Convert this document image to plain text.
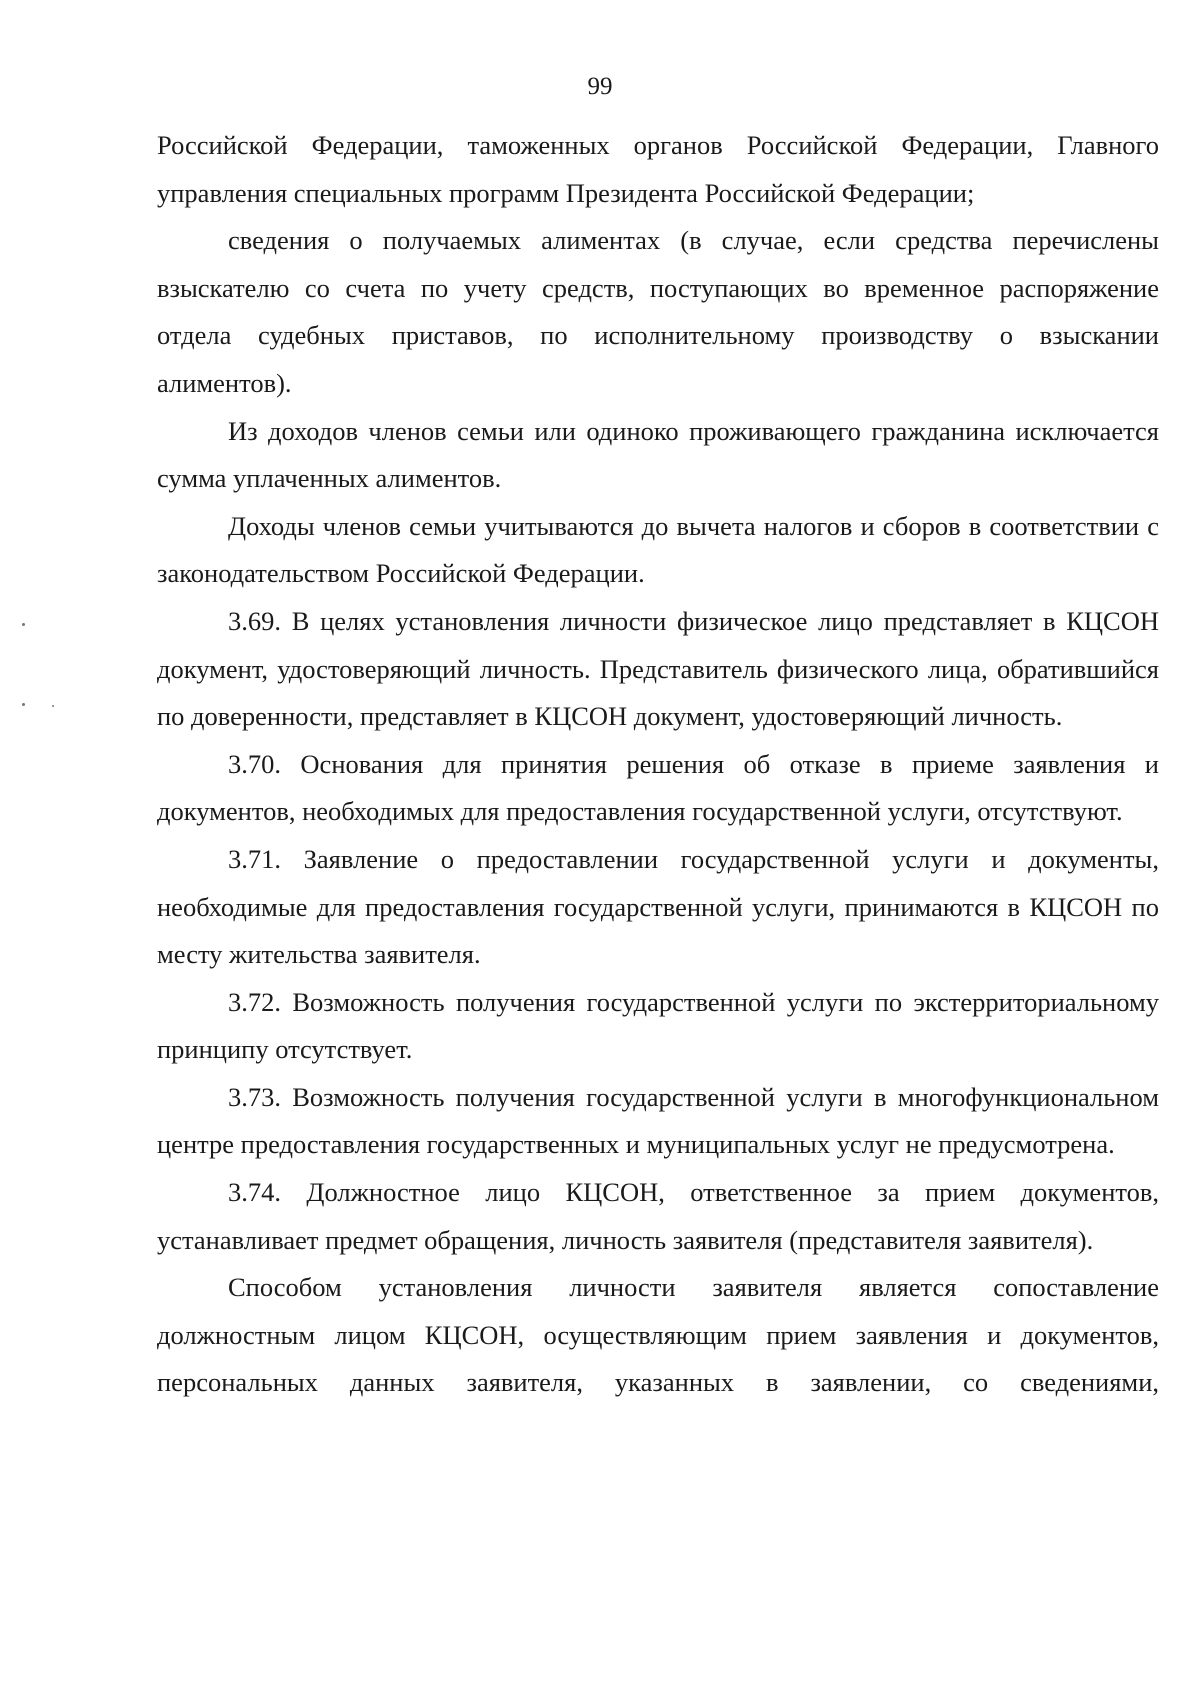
99

Российской Федерации, таможенных органов Российской Федерации, Главного управления специальных программ Президента Российской Федерации;

сведения о получаемых алиментах (в случае, если средства перечислены взыскателю со счета по учету средств, поступающих во временное распоряжение отдела судебных приставов, по исполнительному производству о взыскании алиментов).

Из доходов членов семьи или одиноко проживающего гражданина исключается сумма уплаченных алиментов.

Доходы членов семьи учитываются до вычета налогов и сборов в соответствии с законодательством Российской Федерации.

3.69. В целях установления личности физическое лицо представляет в КЦСОН документ, удостоверяющий личность. Представитель физического лица, обратившийся по доверенности, представляет в КЦСОН документ, удостоверяющий личность.

3.70. Основания для принятия решения об отказе в приеме заявления и документов, необходимых для предоставления государственной услуги, отсутствуют.

3.71. Заявление о предоставлении государственной услуги и документы, необходимые для предоставления государственной услуги, принимаются в КЦСОН по месту жительства заявителя.

3.72. Возможность получения государственной услуги по экстерриториальному принципу отсутствует.

3.73. Возможность получения государственной услуги в многофункциональном центре предоставления государственных и муниципальных услуг не предусмотрена.

3.74. Должностное лицо КЦСОН, ответственное за прием документов, устанавливает предмет обращения, личность заявителя (представителя заявителя).

Способом установления личности заявителя является сопоставление должностным лицом КЦСОН, осуществляющим прием заявления и документов, персональных данных заявителя, указанных в заявлении, со сведениями,
